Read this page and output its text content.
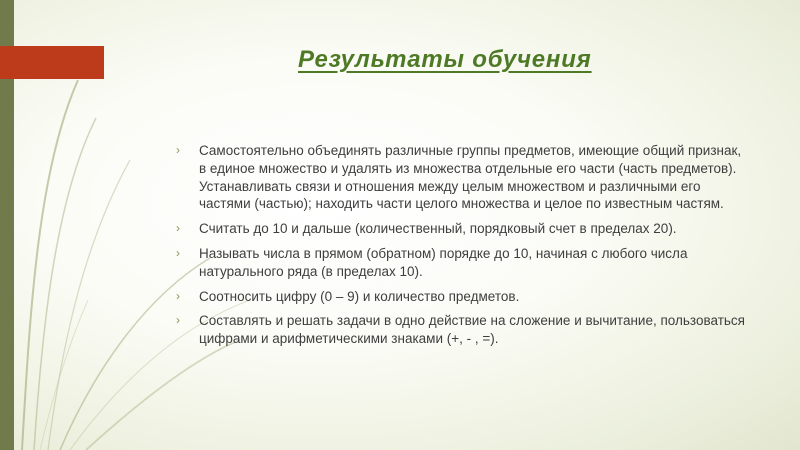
Результаты обучения
› Самостоятельно объединять различные группы предметов, имеющие общий признак, в единое множество и удалять из множества отдельные его части (часть предметов). Устанавливать связи и отношения между целым множеством и различными его частями (частью); находить части целого множества и целое по известным частям.
› Считать до 10 и дальше (количественный, порядковый счет в пределах 20).
› Называть числа в прямом (обратном) порядке до 10, начиная с любого числа натурального ряда (в пределах 10).
› Соотносить цифру (0 – 9) и количество предметов.
› Составлять и решать задачи в одно действие на сложение и вычитание, пользоваться цифрами и арифметическими знаками (+, - , =).
